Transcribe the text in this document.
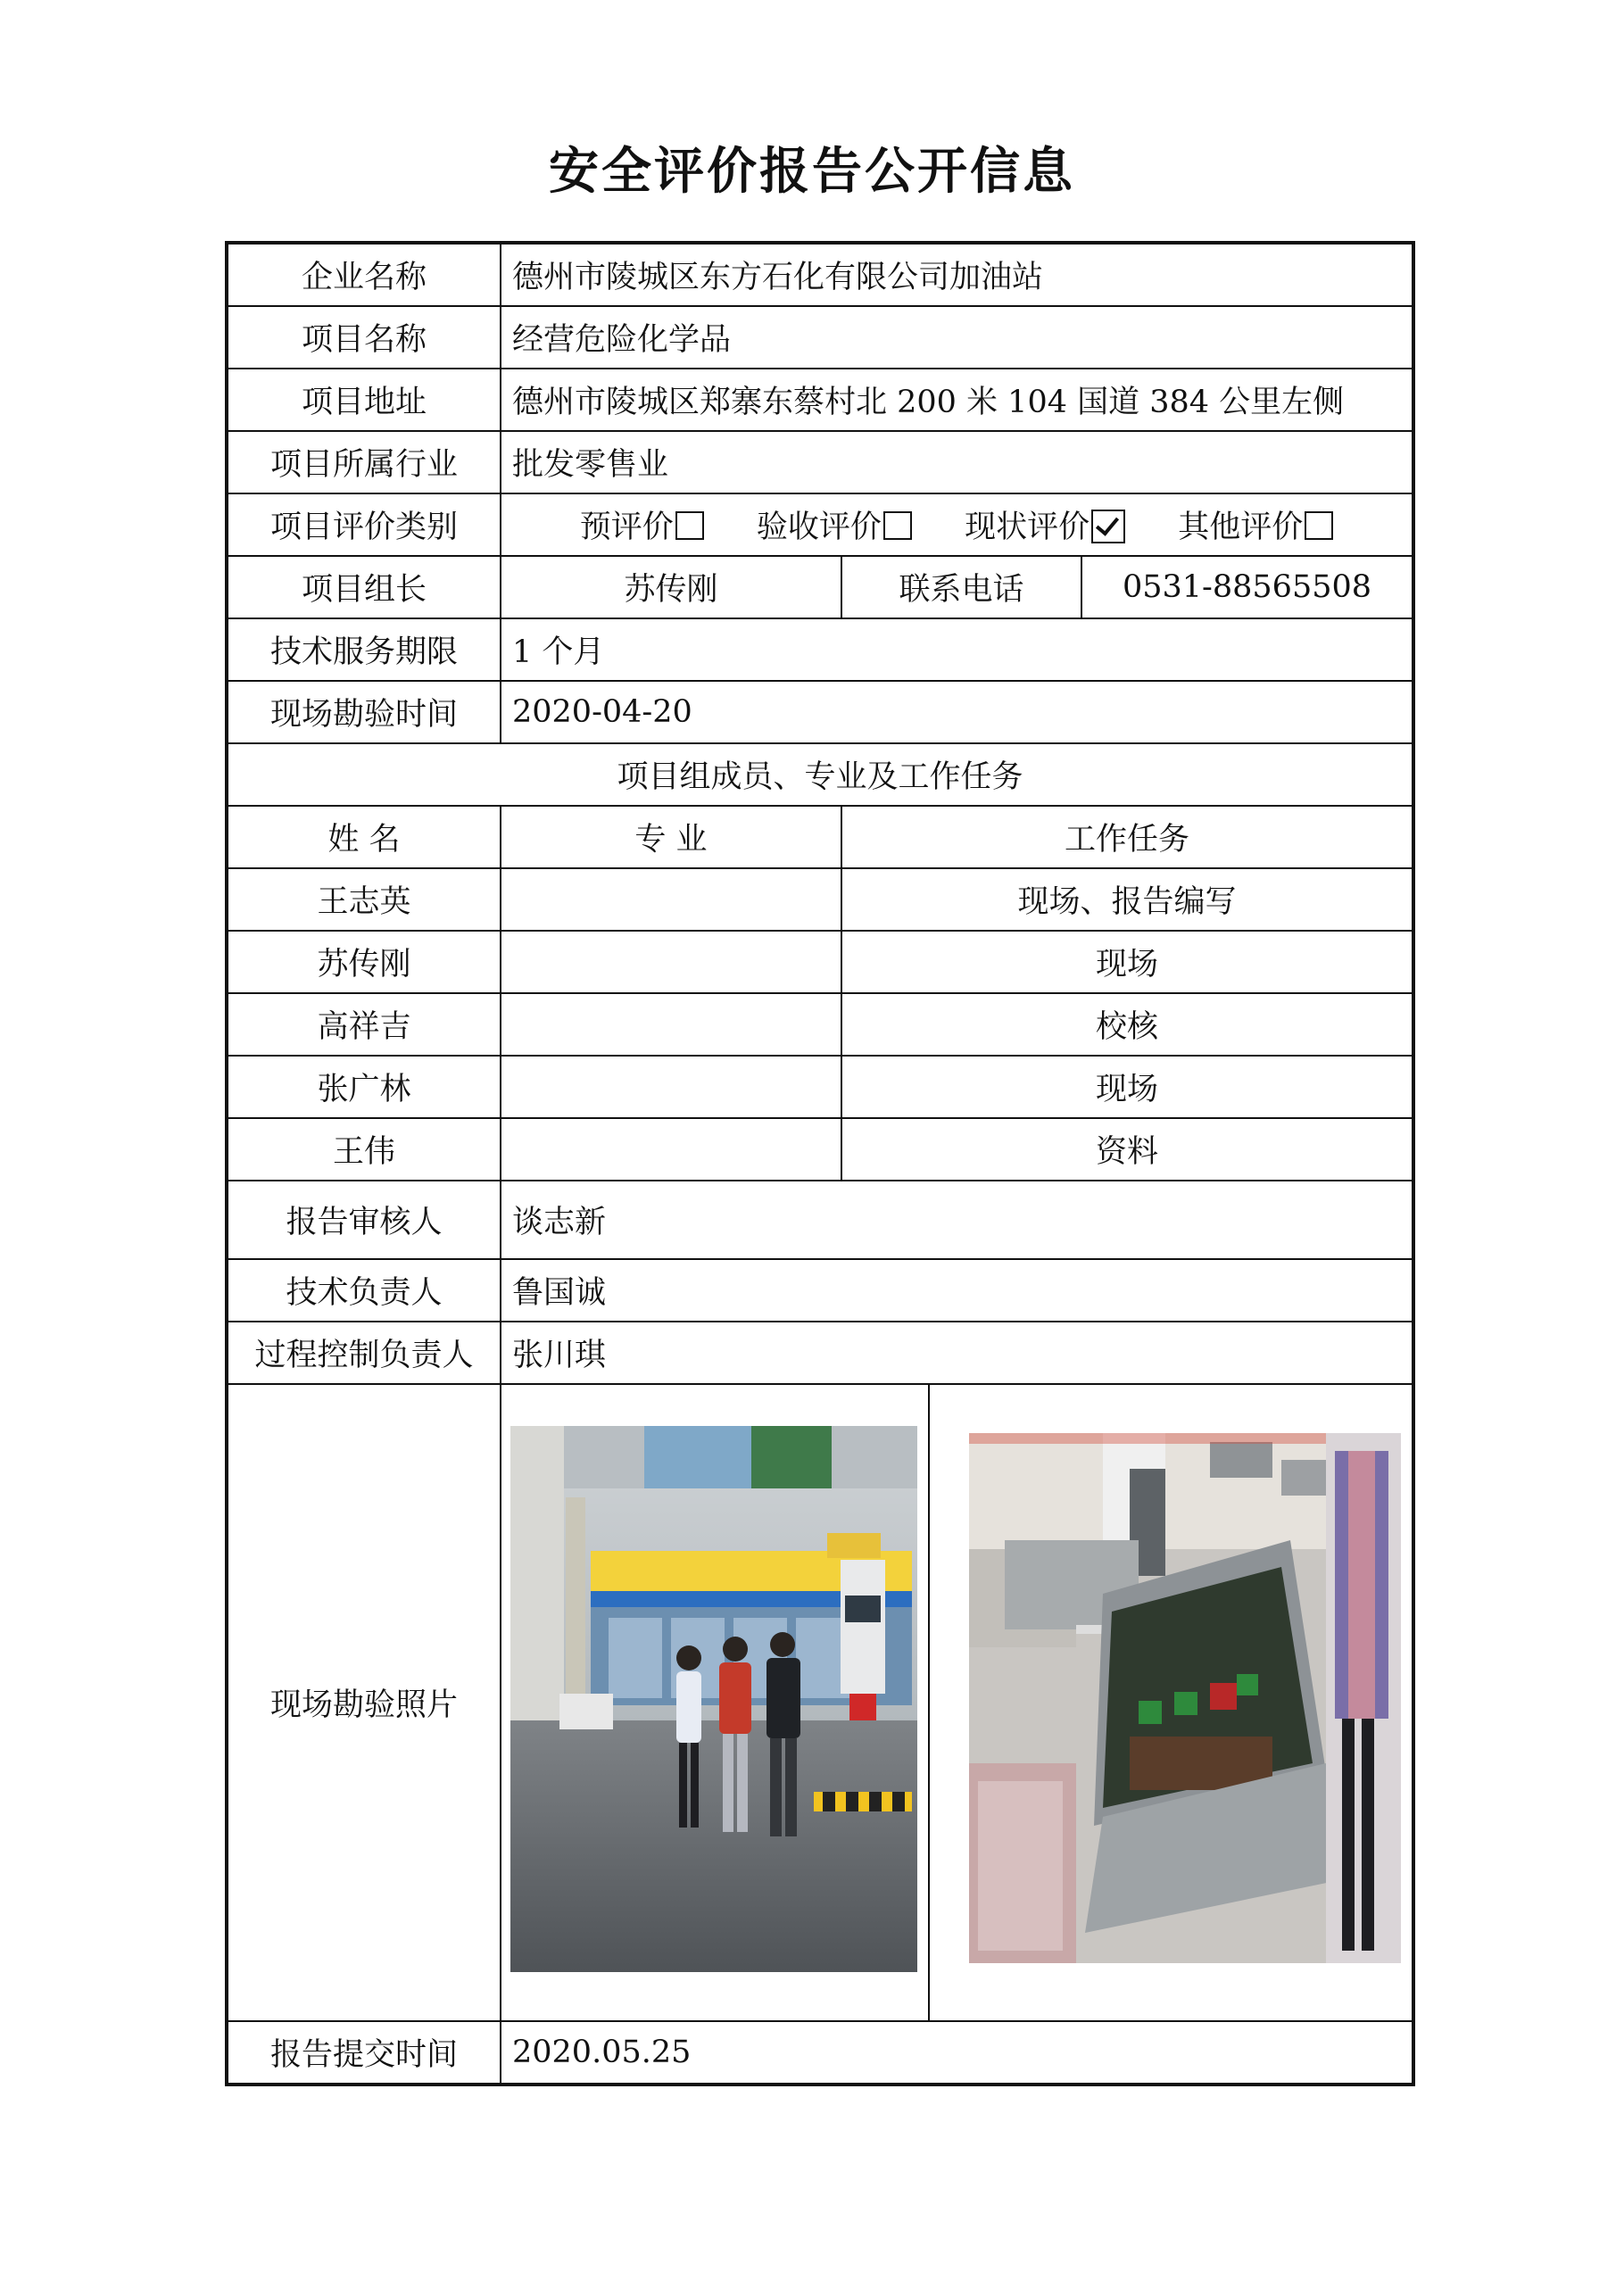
安全评价报告公开信息
企业名称	德州市陵城区东方石化有限公司加油站		
项目名称	经营危险化学品		
项目地址	德州市陵城区郑寨东蔡村北 200 米 104 国道 384 公里左侧		
项目所属行业	批发零售业		
项目评价类别	预评价 验收评价 现状评价 其他评价		
项目组长	苏传刚	联系电话	0531-88565508
技术服务期限	1 个月		
现场勘验时间	2020-04-20		
项目组成员、专业及工作任务			
姓 名	专 业	工作任务	
王志英		现场、报告编写	
苏传刚		现场	
高祥吉		校核	
张广林		现场	
王伟		资料	
报告审核人	谈志新		
技术负责人	鲁国诚		
过程控制负责人	张川琪		
现场勘验照片	

报告提交时间	2020.05.25		
